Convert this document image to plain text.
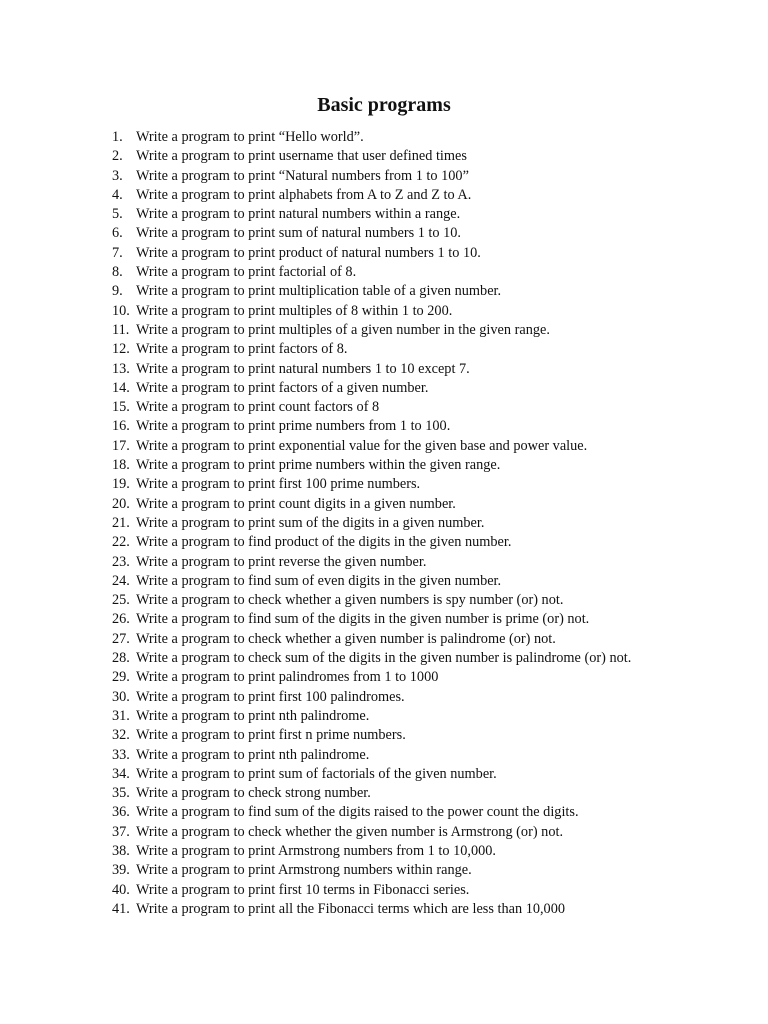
Basic programs
1. Write a program to print “Hello world”.
2. Write a program to print username that user defined times
3. Write a program to print “Natural numbers from 1 to 100”
4. Write a program to print alphabets from A to Z and Z to A.
5. Write a program to print natural numbers within a range.
6. Write a program to print sum of natural numbers 1 to 10.
7. Write a program to print product of natural numbers 1 to 10.
8. Write a program to print factorial of 8.
9. Write a program to print multiplication table of a given number.
10. Write a program to print multiples of 8 within 1 to 200.
11. Write a program to print multiples of a given number in the given range.
12. Write a program to print factors of 8.
13. Write a program to print natural numbers 1 to 10 except 7.
14. Write a program to print factors of a given number.
15. Write a program to print count factors of 8
16. Write a program to print prime numbers from 1 to 100.
17. Write a program to print exponential value for the given base and power value.
18. Write a program to print prime numbers within the given range.
19. Write a program to print first 100 prime numbers.
20. Write a program to print count digits in a given number.
21. Write a program to print sum of the digits in a given number.
22. Write a program to find product of the digits in the given number.
23. Write a program to print reverse the given number.
24. Write a program to find sum of even digits in the given number.
25. Write a program to check whether a given numbers is spy number (or) not.
26. Write a program to find sum of the digits in the given number is prime (or) not.
27. Write a program to check whether a given number is palindrome (or) not.
28. Write a program to check sum of the digits in the given number is palindrome (or) not.
29. Write a program to print palindromes from 1 to 1000
30. Write a program to print first 100 palindromes.
31. Write a program to print nth palindrome.
32. Write a program to print first n prime numbers.
33. Write a program to print nth palindrome.
34. Write a program to print sum of factorials of the given number.
35. Write a program to check strong number.
36. Write a program to find sum of the digits raised to the power count the digits.
37. Write a program to check whether the given number is Armstrong (or) not.
38. Write a program to print Armstrong numbers from 1 to 10,000.
39. Write a program to print Armstrong numbers within range.
40. Write a program to print first 10 terms in Fibonacci series.
41. Write a program to print all the Fibonacci terms which are less than 10,000
